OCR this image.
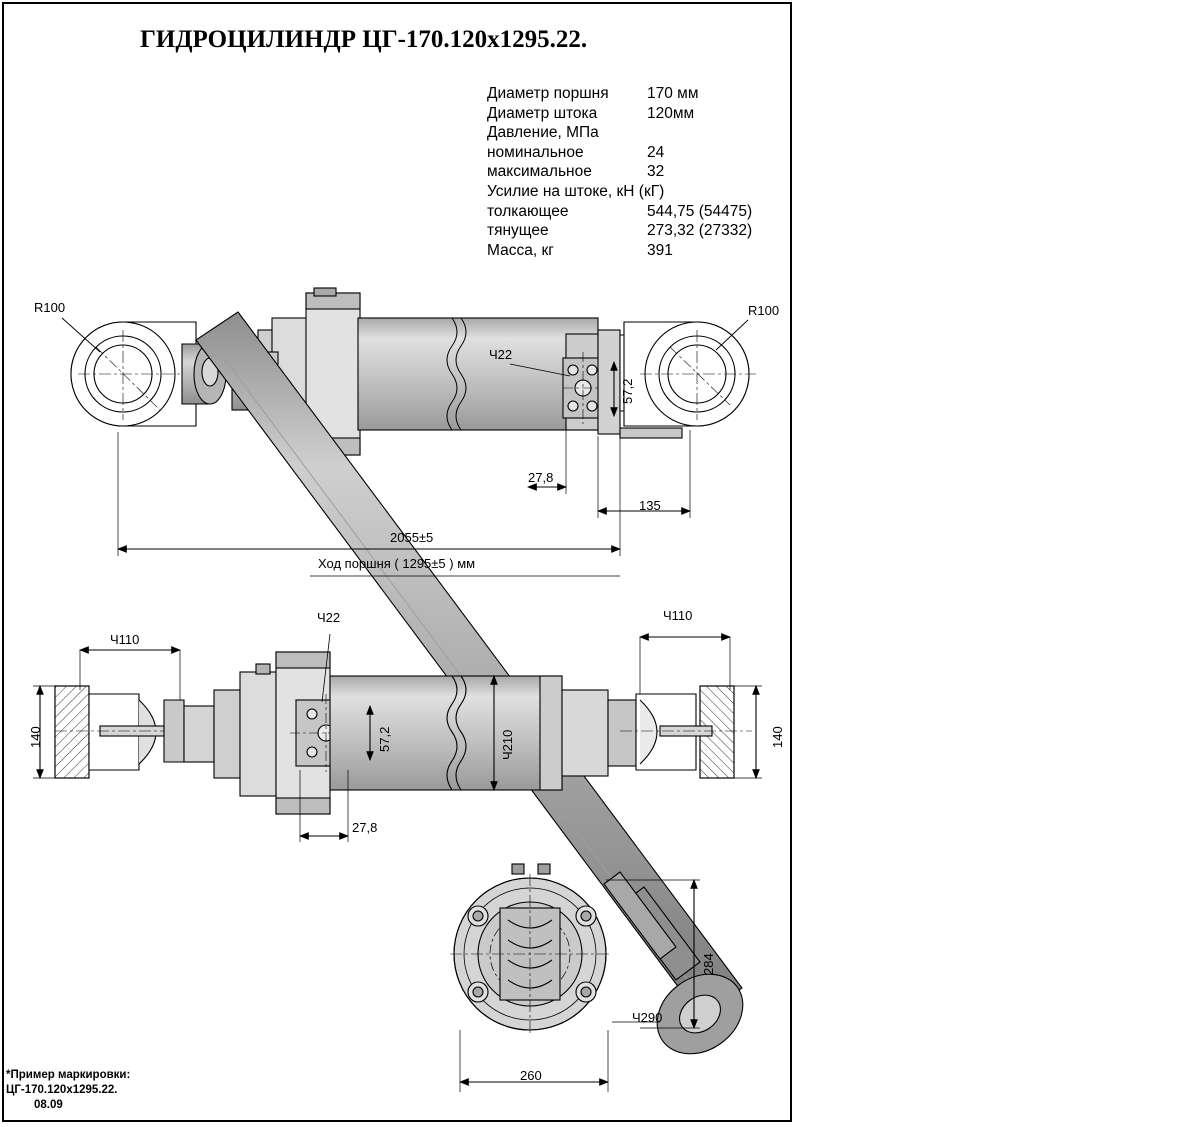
ГИДРОЦИЛИНДР ЦГ-170.120x1295.22.
Диаметр поршня 170 мм
Диаметр штока	120мм
Давление, МПа
номинальное	24
максимальное	32
Усилие на штоке, кН (кГ)
толкающее	544,75 (54475)
тянущее	273,32 (27332)
Масса, кг	391
R100	R100
Ч22
57,2
27,8
135
2055±5
Ход поршня ( 1295±5 ) мм
Ч110
Ч110
Ч22
140	140
57,2	Ч210
27,8
284
Ч290
260
*Пример маркировки:
ЦГ-170.120х1295.22.
08.09
